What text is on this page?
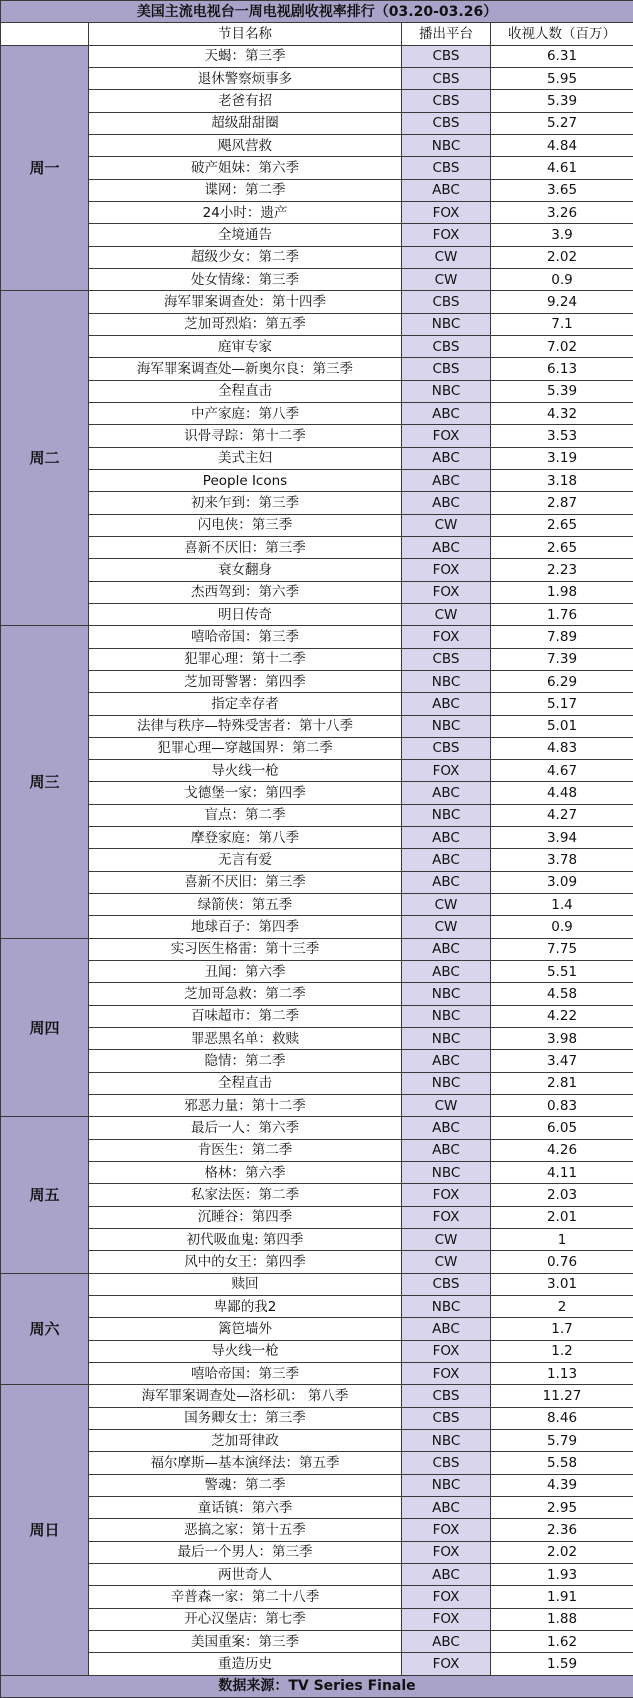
美国主流电视台一周电视剧收视率排行（03.20-03.26）			
	节目名称	播出平台	收视人数（百万）
周一	天蝎：第三季	CBS	6.31
	退休警察烦事多	CBS	5.95
	老爸有招	CBS	5.39
	超级甜甜圈	CBS	5.27
	飓风营救	NBC	4.84
	破产姐妹：第六季	CBS	4.61
	谍网：第二季	ABC	3.65
	24小时：遗产	FOX	3.26
	全境通告	FOX	3.9
	超级少女：第二季	CW	2.02
	处女情缘：第三季	CW	0.9
周二	海军罪案调查处：第十四季	CBS	9.24
	芝加哥烈焰：第五季	NBC	7.1
	庭审专家	CBS	7.02
	海军罪案调查处—新奥尔良：第三季	CBS	6.13
	全程直击	NBC	5.39
	中产家庭：第八季	ABC	4.32
	识骨寻踪：第十二季	FOX	3.53
	美式主妇	ABC	3.19
	People Icons	ABC	3.18
	初来乍到：第三季	ABC	2.87
	闪电侠：第三季	CW	2.65
	喜新不厌旧：第三季	ABC	2.65
	衰女翻身	FOX	2.23
	杰西驾到：第六季	FOX	1.98
	明日传奇	CW	1.76
周三	嘻哈帝国：第三季	FOX	7.89
	犯罪心理：第十二季	CBS	7.39
	芝加哥警署：第四季	NBC	6.29
	指定幸存者	ABC	5.17
	法律与秩序—特殊受害者：第十八季	NBC	5.01
	犯罪心理—穿越国界：第二季	CBS	4.83
	导火线一枪	FOX	4.67
	戈德堡一家：第四季	ABC	4.48
	盲点：第二季	NBC	4.27
	摩登家庭：第八季	ABC	3.94
	无言有爱	ABC	3.78
	喜新不厌旧：第三季	ABC	3.09
	绿箭侠：第五季	CW	1.4
	地球百子：第四季	CW	0.9
周四	实习医生格雷：第十三季	ABC	7.75
	丑闻：第六季	ABC	5.51
	芝加哥急救：第二季	NBC	4.58
	百味超市：第二季	NBC	4.22
	罪恶黑名单：救赎	NBC	3.98
	隐情：第二季	ABC	3.47
	全程直击	NBC	2.81
	邪恶力量：第十二季	CW	0.83
周五	最后一人：第六季	ABC	6.05
	肯医生：第二季	ABC	4.26
	格林：第六季	NBC	4.11
	私家法医：第二季	FOX	2.03
	沉睡谷：第四季	FOX	2.01
	初代吸血鬼: 第四季	CW	1
	风中的女王：第四季	CW	0.76
周六	赎回	CBS	3.01
	卑鄙的我2	NBC	2
	篱笆墙外	ABC	1.7
	导火线一枪	FOX	1.2
	嘻哈帝国：第三季	FOX	1.13
周日	海军罪案调查处—洛杉矶： 第八季	CBS	11.27
	国务卿女士：第三季	CBS	8.46
	芝加哥律政	NBC	5.79
	福尔摩斯—基本演绎法：第五季	CBS	5.58
	警魂：第二季	NBC	4.39
	童话镇：第六季	ABC	2.95
	恶搞之家：第十五季	FOX	2.36
	最后一个男人：第三季	FOX	2.02
	两世奇人	ABC	1.93
	辛普森一家：第二十八季	FOX	1.91
	开心汉堡店：第七季	FOX	1.88
	美国重案：第三季	ABC	1.62
	重造历史	FOX	1.59
数据来源：TV Series Finale			
